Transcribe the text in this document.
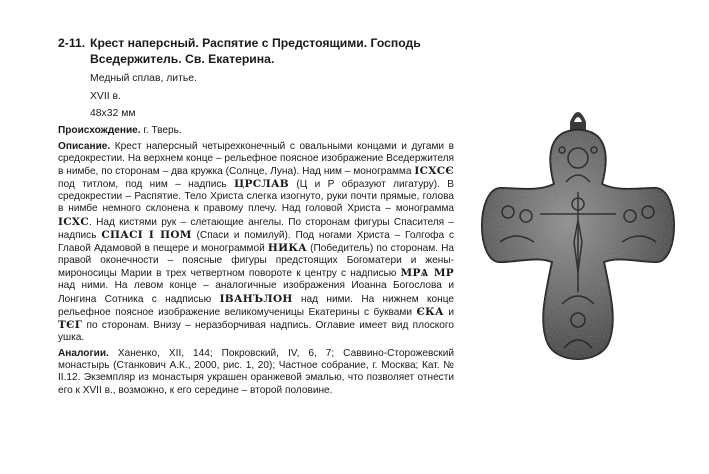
2-11. Крест наперсный. Распятие с Предстоящими. Господь Вседержитель. Св. Екатерина.
Медный сплав, литье.
XVII в.
48х32 мм

Происхождение. г. Тверь.

Описание. Крест наперсный четырехконечный с овальными концами и дугами в средокрестии. На верхнем конце – рельефное поясное изображение Вседержителя в нимбе, по сторонам – два кружка (Солнце, Луна). Над ним – монограмма ІСХСЄ под титлом, под ним – надпись ЦРСЛАВ (Ц и Р образуют лигатуру). В средокрестии – Распятие. Тело Христа слегка изогнуто, руки почти прямые, голова в нимбе немного склонена к правому плечу. Над головой Христа – монограмма ІСХС. Над кистями рук – слетающие ангелы. По сторонам фигуры Спасителя – надпись СПАСІ І ПОМ (Спаси и помилуй). Под ногами Христа – Голгофа с Главой Адамовой в пещере и монограммой НИКА (Победитель) по сторонам. На правой оконечности – поясные фигуры предстоящих Богоматери и жены-мироносицы Марии в трех четвертном повороте к центру с надписью МРѦ МР над ними. На левом конце – аналогичные изображения Иоанна Богослова и Лонгина Сотника с надписью ІВАНЪЛОН над ними. На нижнем конце рельефное поясное изображение великомученицы Екатерины с буквами ЄКА и ТЄГ по сторонам. Внизу – неразборчивая надпись. Оглавие имеет вид плоского ушка.

Аналогии. Ханенко, XII, 144; Покровский, IV, 6, 7; Саввино-Сторожевский монастырь (Станкович А.К., 2000, рис. 1, 20); Частное собрание, г. Москва; Кат. № II.12. Экземпляр из монастыря украшен оранжевой эмалью, что позволяет отнести его к XVII в., возможно, к его середине – второй половине.
